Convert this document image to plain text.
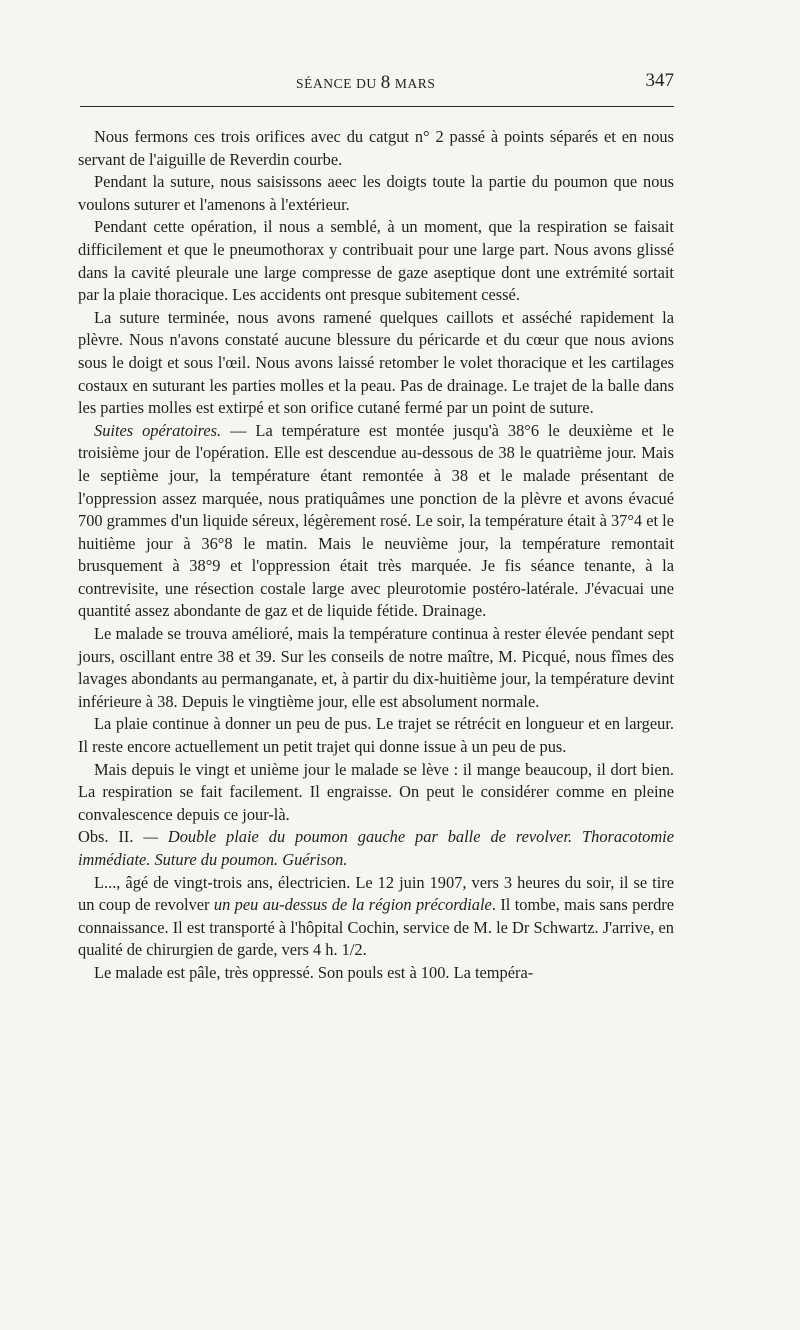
SÉANCE DU 8 MARS	347

Nous fermons ces trois orifices avec du catgut n° 2 passé à points séparés et en nous servant de l'aiguille de Reverdin courbe.

Pendant la suture, nous saisissons aeec les doigts toute la partie du poumon que nous voulons suturer et l'amenons à l'extérieur.

Pendant cette opération, il nous a semblé, à un moment, que la respiration se faisait difficilement et que le pneumothorax y contribuait pour une large part. Nous avons glissé dans la cavité pleurale une large compresse de gaze aseptique dont une extrémité sortait par la plaie thoracique. Les accidents ont presque subitement cessé.

La suture terminée, nous avons ramené quelques caillots et asséché rapidement la plèvre. Nous n'avons constaté aucune blessure du péricarde et du cœur que nous avions sous le doigt et sous l'œil. Nous avons laissé retomber le volet thoracique et les cartilages costaux en suturant les parties molles et la peau. Pas de drainage. Le trajet de la balle dans les parties molles est extirpé et son orifice cutané fermé par un point de suture.

Suites opératoires. — La température est montée jusqu'à 38°6 le deuxième et le troisième jour de l'opération. Elle est descendue au-dessous de 38 le quatrième jour. Mais le septième jour, la température étant remontée à 38 et le malade présentant de l'oppression assez marquée, nous pratiquâmes une ponction de la plèvre et avons évacué 700 grammes d'un liquide séreux, légèrement rosé. Le soir, la température était à 37°4 et le huitième jour à 36°8 le matin. Mais le neuvième jour, la température remontait brusquement à 38°9 et l'oppression était très marquée. Je fis séance tenante, à la contrevisite, une résection costale large avec pleurotomie postéro-latérale. J'évacuai une quantité assez abondante de gaz et de liquide fétide. Drainage.

Le malade se trouva amélioré, mais la température continua à rester élevée pendant sept jours, oscillant entre 38 et 39. Sur les conseils de notre maître, M. Picqué, nous fîmes des lavages abondants au permanganate, et, à partir du dix-huitième jour, la température devint inférieure à 38. Depuis le vingtième jour, elle est absolument normale.

La plaie continue à donner un peu de pus. Le trajet se rétrécit en longueur et en largeur. Il reste encore actuellement un petit trajet qui donne issue à un peu de pus.

Mais depuis le vingt et unième jour le malade se lève : il mange beaucoup, il dort bien. La respiration se fait facilement. Il engraisse. On peut le considérer comme en pleine convalescence depuis ce jour-là.

Obs. II. — Double plaie du poumon gauche par balle de revolver. Thoracotomie immédiate. Suture du poumon. Guérison.

L..., âgé de vingt-trois ans, électricien. Le 12 juin 1907, vers 3 heures du soir, il se tire un coup de revolver un peu au-dessus de la région précordiale. Il tombe, mais sans perdre connaissance. Il est transporté à l'hôpital Cochin, service de M. le Dr Schwartz. J'arrive, en qualité de chirurgien de garde, vers 4 h. 1/2.

Le malade est pâle, très oppressé. Son pouls est à 100. La tempéra-
